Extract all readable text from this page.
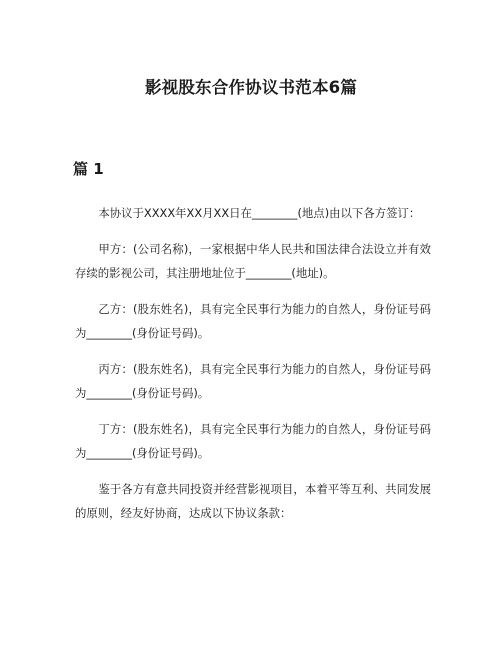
影视股东合作协议书范本6篇
篇 1

本协议于XXXX年XX月XX日在________(地点)由以下各方签订：

甲方：(公司名称)，一家根据中华人民共和国法律合法设立并有效存续的影视公司，其注册地址位于________(地址)。

乙方：(股东姓名)，具有完全民事行为能力的自然人，身份证号码为________(身份证号码)。

丙方：(股东姓名)，具有完全民事行为能力的自然人，身份证号码为________(身份证号码)。

丁方：(股东姓名)，具有完全民事行为能力的自然人，身份证号码为________(身份证号码)。

鉴于各方有意共同投资并经营影视项目，本着平等互利、共同发展的原则，经友好协商，达成以下协议条款：
